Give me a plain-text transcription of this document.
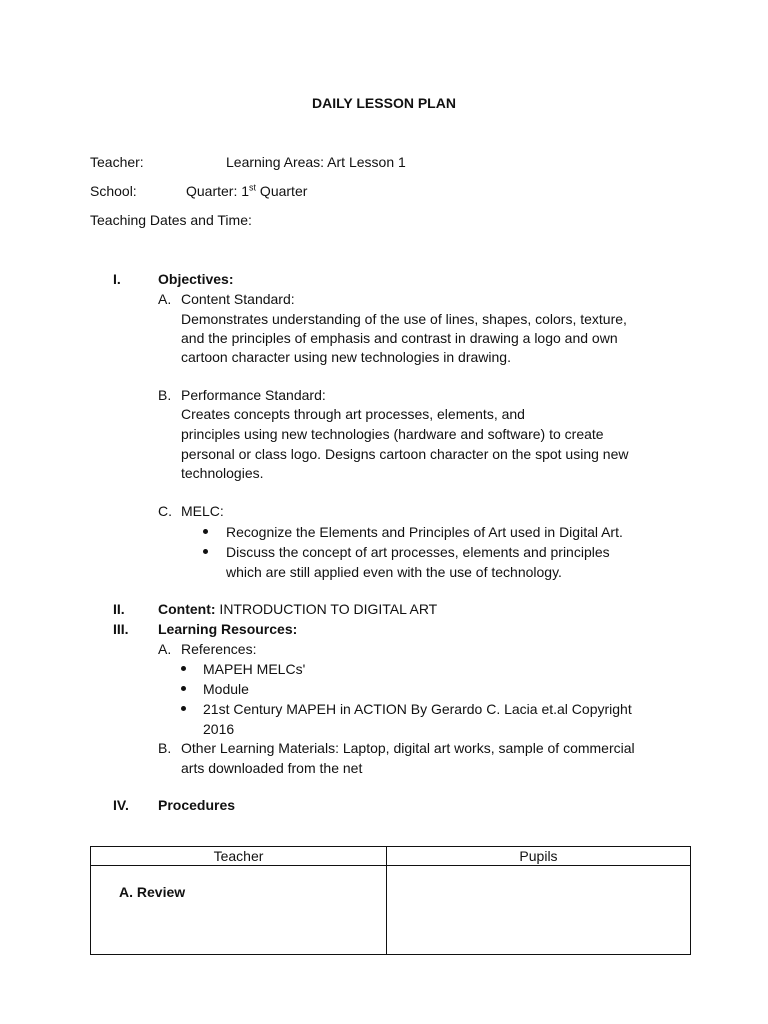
DAILY LESSON PLAN
Teacher:	Learning Areas: Art Lesson 1
School:	Quarter: 1st Quarter
Teaching Dates and Time:
I.	Objectives:
A. Content Standard:
Demonstrates understanding of the use of lines, shapes, colors, texture,
and the principles of emphasis and contrast in drawing a logo and own
cartoon character using new technologies in drawing.
B. Performance Standard:
Creates concepts through art processes, elements, and
principles using new technologies (hardware and software) to create
personal or class logo. Designs cartoon character on the spot using new
technologies.
C. MELC:
Recognize the Elements and Principles of Art used in Digital Art.
Discuss the concept of art processes, elements and principles
which are still applied even with the use of technology.
II. Content: INTRODUCTION TO DIGITAL ART
III. Learning Resources:
A. References:
MAPEH MELCs'
Module
21st Century MAPEH in ACTION By Gerardo C. Lacia et.al Copyright
2016
B. Other Learning Materials: Laptop, digital art works, sample of commercial
arts downloaded from the net
IV. Procedures
Teacher	Pupils

A. Review	
